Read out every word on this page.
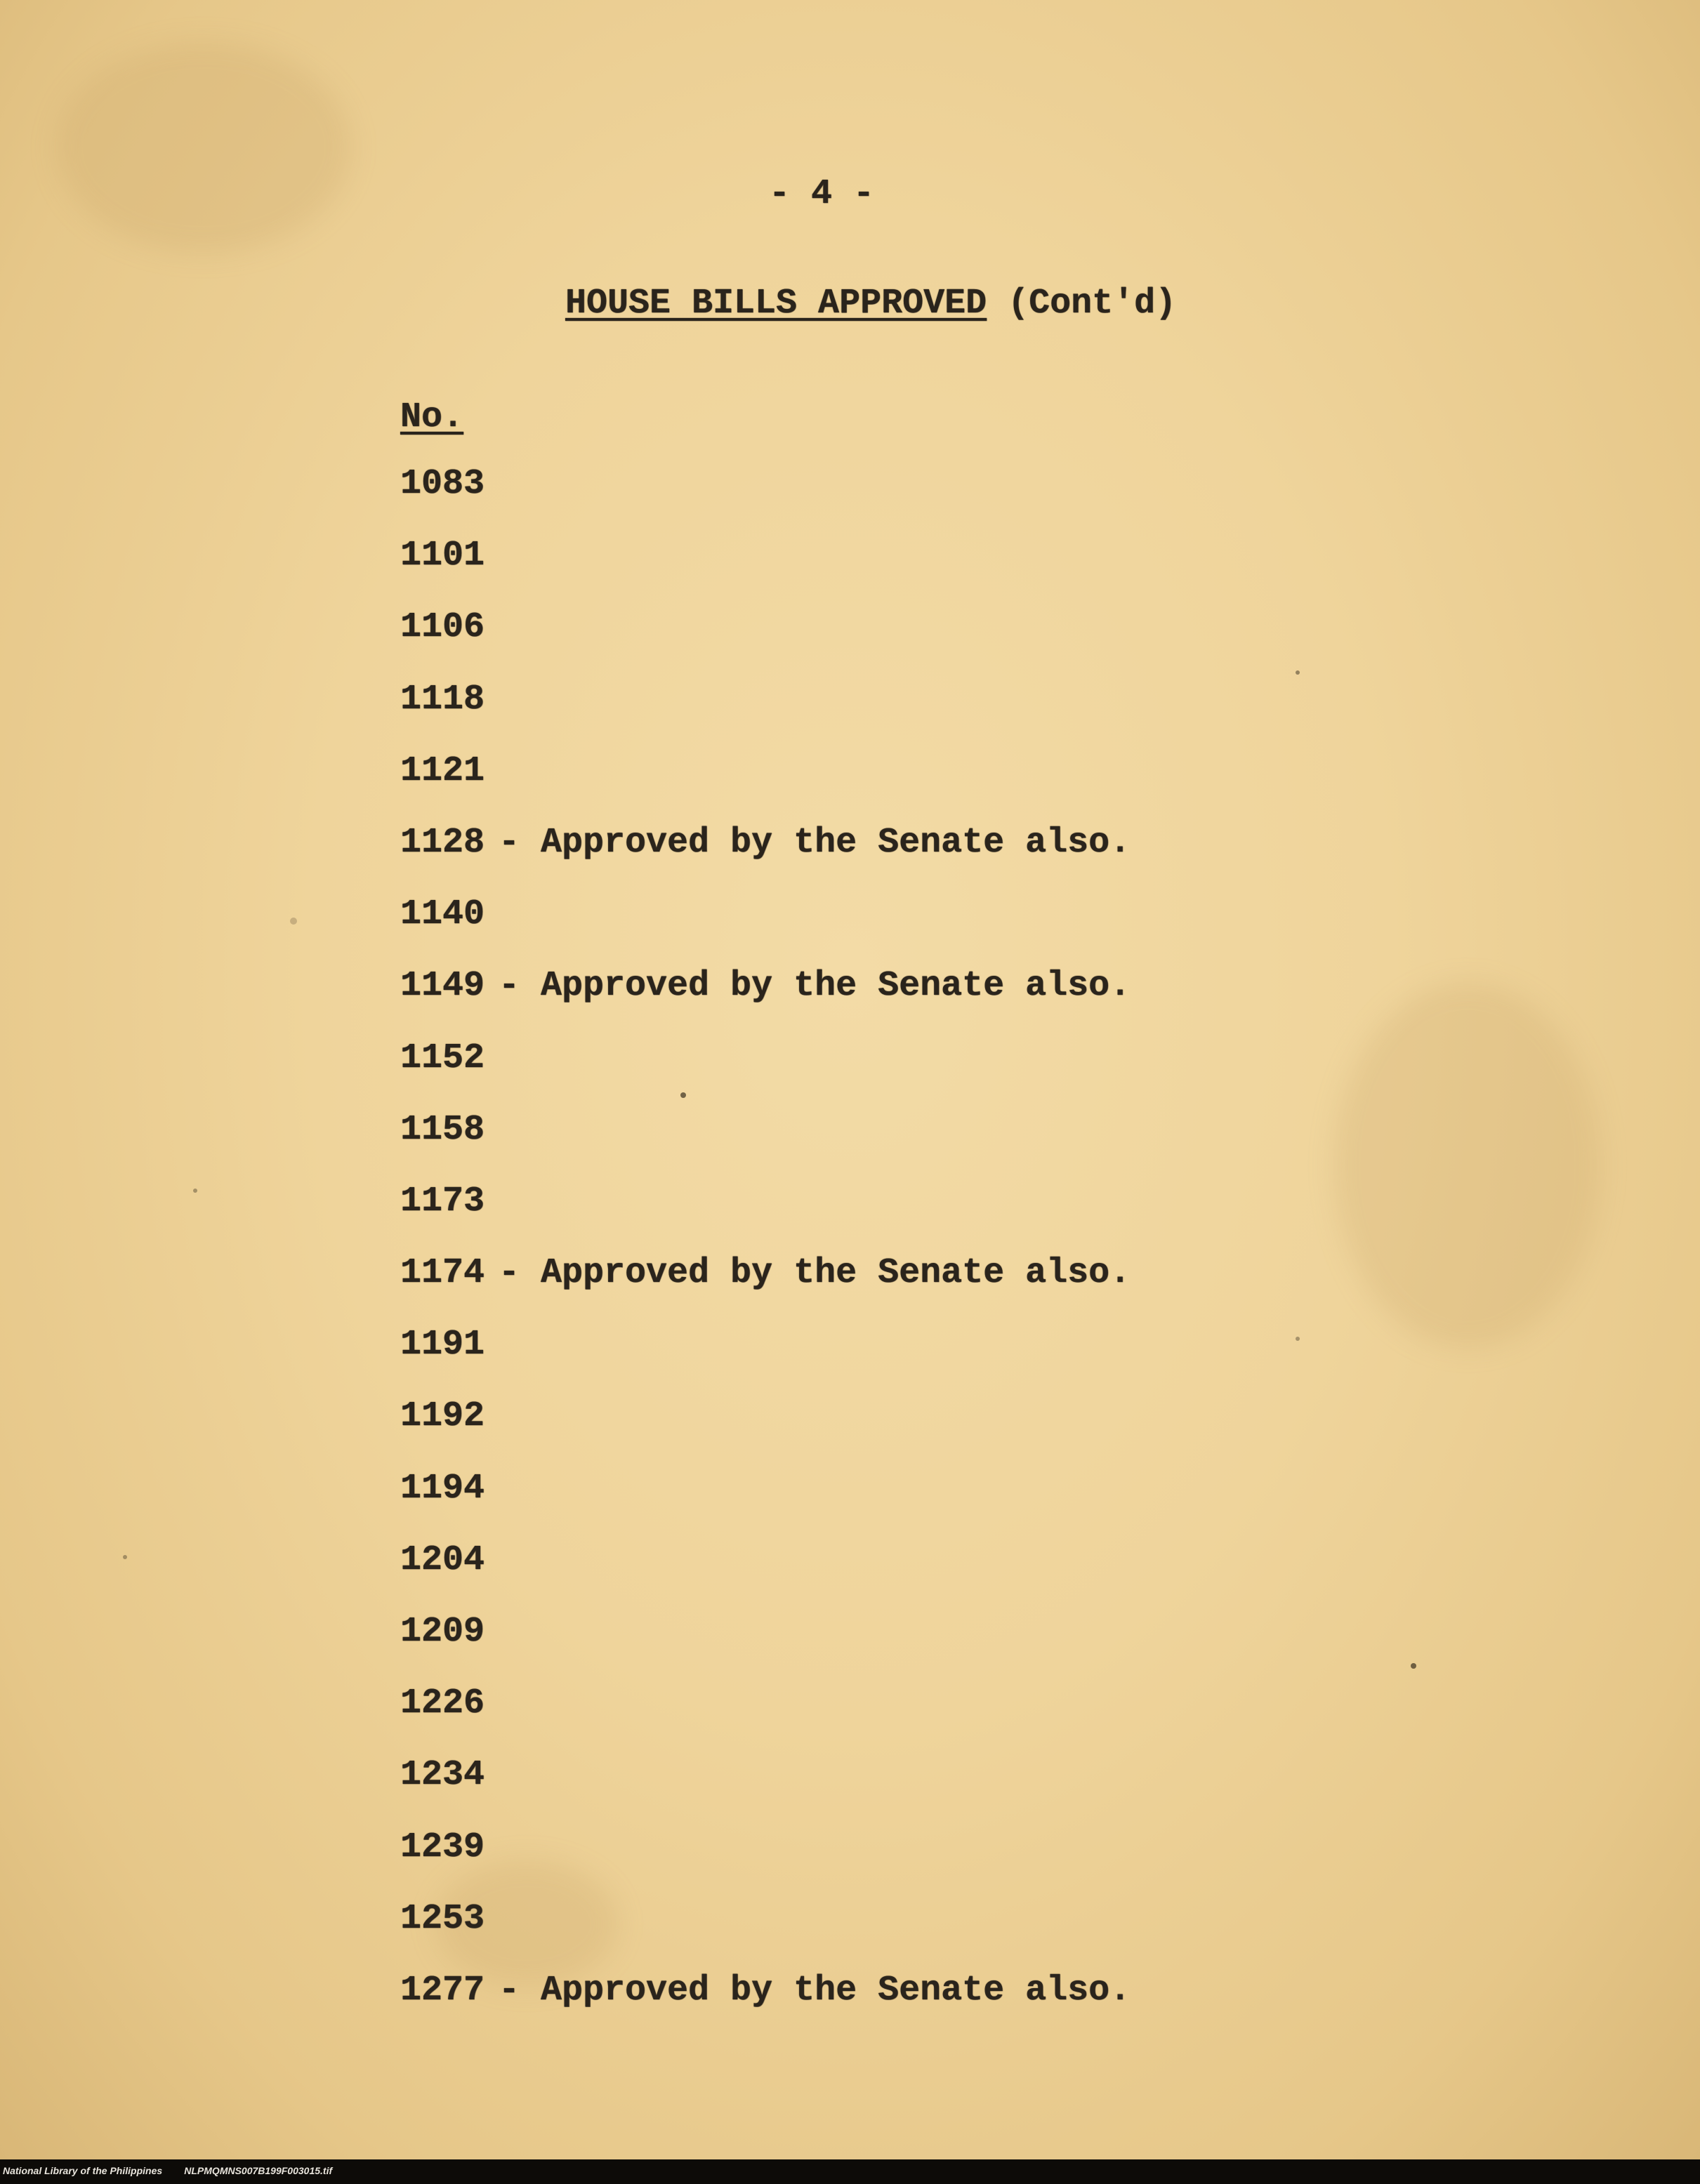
- 4 -
HOUSE BILLS APPROVED (Cont'd)
No.
1083
1101
1106
1118
1121
1128 - Approved by the Senate also.
1140
1149 - Approved by the Senate also.
1152
1158
1173
1174 - Approved by the Senate also.
1191
1192
1194
1204
1209
1226
1234
1239
1253
1277 - Approved by the Senate also.
National Library of the Philippines NLPMQMNS007B199F003015.tif
